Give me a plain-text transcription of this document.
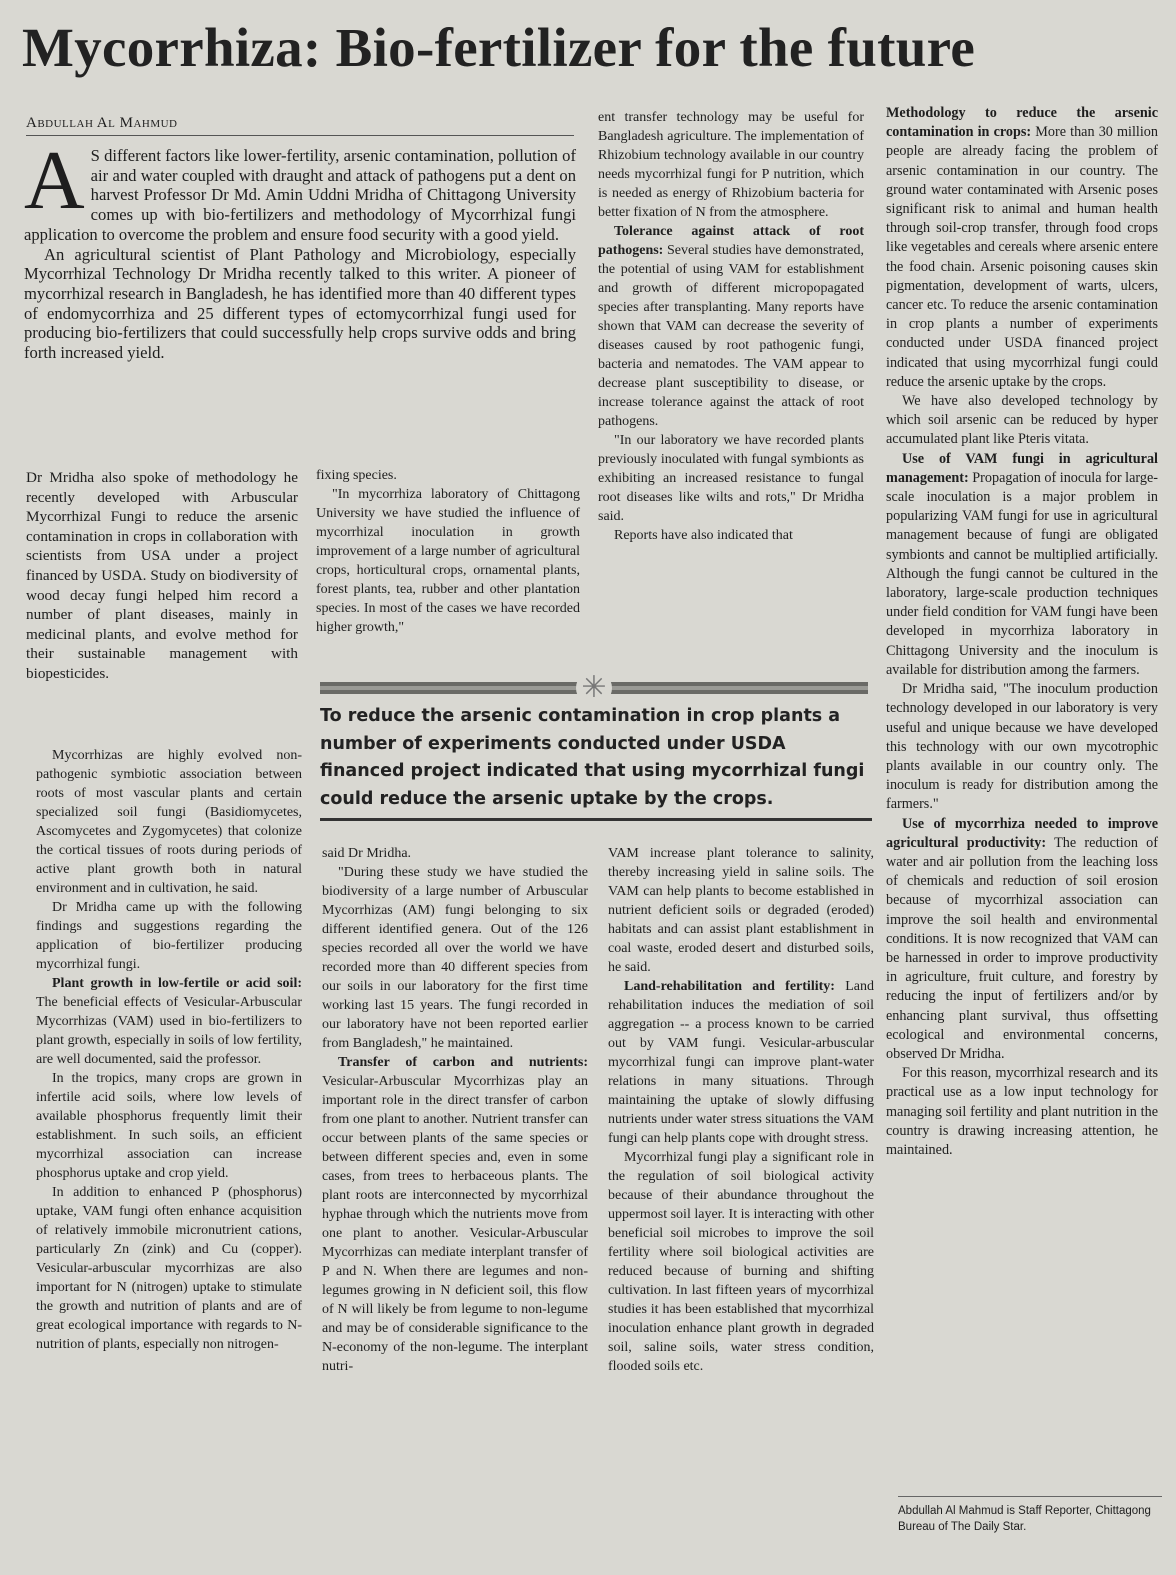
Mycorrhiza: Bio-fertilizer for the future
Abdullah Al Mahmud

A S different factors like lower-fertility, arsenic contamination, pollution of air and water coupled with draught and attack of pathogens put a dent on harvest Professor Dr Md. Amin Uddni Mridha of Chittagong University comes up with bio-fertilizers and methodology of Mycorrhizal fungi application to overcome the problem and ensure food security with a good yield.

An agricultural scientist of Plant Pathology and Microbiology, especially Mycorrhizal Technology Dr Mridha recently talked to this writer. A pioneer of mycorrhizal research in Bangladesh, he has identified more than 40 different types of endomycorrhiza and 25 different types of ectomycorrhizal fungi used for producing bio-fertilizers that could successfully help crops survive odds and bring forth increased yield.

Dr Mridha also spoke of methodology he recently developed with Arbuscular Mycorrhizal Fungi to reduce the arsenic contamination in crops in collaboration with scientists from USA under a project financed by USDA. Study on biodiversity of wood decay fungi helped him record a number of plant diseases, mainly in medicinal plants, and evolve method for their sustainable management with biopesticides.

Mycorrhizas are highly evolved non-pathogenic symbiotic association between roots of most vascular plants and certain specialized soil fungi (Basidiomycetes, Ascomycetes and Zygomycetes) that colonize the cortical tissues of roots during periods of active plant growth both in natural environment and in cultivation, he said.

Dr Mridha came up with the following findings and suggestions regarding the application of bio-fertilizer producing mycorrhizal fungi.

Plant growth in low-fertile or acid soil: The beneficial effects of Vesicular-Arbuscular Mycorrhizas (VAM) used in bio-fertilizers to plant growth, especially in soils of low fertility, are well documented, said the professor.

In the tropics, many crops are grown in infertile acid soils, where low levels of available phosphorus frequently limit their establishment. In such soils, an efficient mycorrhizal association can increase phosphorus uptake and crop yield.

In addition to enhanced P (phosphorus) uptake, VAM fungi often enhance acquisition of relatively immobile micronutrient cations, particularly Zn (zink) and Cu (copper). Vesicular-arbuscular mycorrhizas are also important for N (nitrogen) uptake to stimulate the growth and nutrition of plants and are of great ecological importance with regards to N-nutrition of plants, especially non nitrogen-

fixing species.

"In mycorrhiza laboratory of Chittagong University we have studied the influence of mycorrhizal inoculation in growth improvement of a large number of agricultural crops, horticultural crops, ornamental plants, forest plants, tea, rubber and other plantation species. In most of the cases we have recorded higher growth,"

ent transfer technology may be useful for Bangladesh agriculture. The implementation of Rhizobium technology available in our country needs mycorrhizal fungi for P nutrition, which is needed as energy of Rhizobium bacteria for better fixation of N from the atmosphere.

Tolerance against attack of root pathogens: Several studies have demonstrated, the potential of using VAM for establishment and growth of different micropopagated species after transplanting. Many reports have shown that VAM can decrease the severity of diseases caused by root pathogenic fungi, bacteria and nematodes. The VAM appear to decrease plant susceptibility to disease, or increase tolerance against the attack of root pathogens.

"In our laboratory we have recorded plants previously inoculated with fungal symbionts as exhibiting an increased resistance to fungal root diseases like wilts and rots," Dr Mridha said.

Reports have also indicated that

✳
To reduce the arsenic contamination in crop plants a number of experiments conducted under USDA financed project indicated that using mycorrhizal fungi could reduce the arsenic uptake by the crops.

said Dr Mridha.

"During these study we have studied the biodiversity of a large number of Arbuscular Mycorrhizas (AM) fungi belonging to six different identified genera. Out of the 126 species recorded all over the world we have recorded more than 40 different species from our soils in our laboratory for the first time working last 15 years. The fungi recorded in our laboratory have not been reported earlier from Bangladesh," he maintained.

Transfer of carbon and nutrients: Vesicular-Arbuscular Mycorrhizas play an important role in the direct transfer of carbon from one plant to another. Nutrient transfer can occur between plants of the same species or between different species and, even in some cases, from trees to herbaceous plants. The plant roots are interconnected by mycorrhizal hyphae through which the nutrients move from one plant to another. Vesicular-Arbuscular Mycorrhizas can mediate interplant transfer of P and N. When there are legumes and non-legumes growing in N deficient soil, this flow of N will likely be from legume to non-legume and may be of considerable significance to the N-economy of the non-legume. The interplant nutri-

VAM increase plant tolerance to salinity, thereby increasing yield in saline soils. The VAM can help plants to become established in nutrient deficient soils or degraded (eroded) habitats and can assist plant establishment in coal waste, eroded desert and disturbed soils, he said.

Land-rehabilitation and fertility: Land rehabilitation induces the mediation of soil aggregation -- a process known to be carried out by VAM fungi. Vesicular-arbuscular mycorrhizal fungi can improve plant-water relations in many situations. Through maintaining the uptake of slowly diffusing nutrients under water stress situations the VAM fungi can help plants cope with drought stress.

Mycorrhizal fungi play a significant role in the regulation of soil biological activity because of their abundance throughout the uppermost soil layer. It is interacting with other beneficial soil microbes to improve the soil fertility where soil biological activities are reduced because of burning and shifting cultivation. In last fifteen years of mycorrhizal studies it has been established that mycorrhizal inoculation enhance plant growth in degraded soil, saline soils, water stress condition, flooded soils etc.

Methodology to reduce the arsenic contamination in crops: More than 30 million people are already facing the problem of arsenic contamination in our country. The ground water contaminated with Arsenic poses significant risk to animal and human health through soil-crop transfer, through food crops like vegetables and cereals where arsenic entere the food chain. Arsenic poisoning causes skin pigmentation, development of warts, ulcers, cancer etc. To reduce the arsenic contamination in crop plants a number of experiments conducted under USDA financed project indicated that using mycorrhizal fungi could reduce the arsenic uptake by the crops.

We have also developed technology by which soil arsenic can be reduced by hyper accumulated plant like Pteris vitata.

Use of VAM fungi in agricultural management: Propagation of inocula for large-scale inoculation is a major problem in popularizing VAM fungi for use in agricultural management because of fungi are obligated symbionts and cannot be multiplied artificially. Although the fungi cannot be cultured in the laboratory, large-scale production techniques under field condition for VAM fungi have been developed in mycorrhiza laboratory in Chittagong University and the inoculum is available for distribution among the farmers.

Dr Mridha said, "The inoculum production technology developed in our laboratory is very useful and unique because we have developed this technology with our own mycotrophic plants available in our country only. The inoculum is ready for distribution among the farmers."

Use of mycorrhiza needed to improve agricultural productivity: The reduction of water and air pollution from the leaching loss of chemicals and reduction of soil erosion because of mycorrhizal association can improve the soil health and environmental conditions. It is now recognized that VAM can be harnessed in order to improve productivity in agriculture, fruit culture, and forestry by reducing the input of fertilizers and/or by enhancing plant survival, thus offsetting ecological and environmental concerns, observed Dr Mridha.

For this reason, mycorrhizal research and its practical use as a low input technology for managing soil fertility and plant nutrition in the country is drawing increasing attention, he maintained.

Abdullah Al Mahmud is Staff Reporter, Chittagong Bureau of The Daily Star.
